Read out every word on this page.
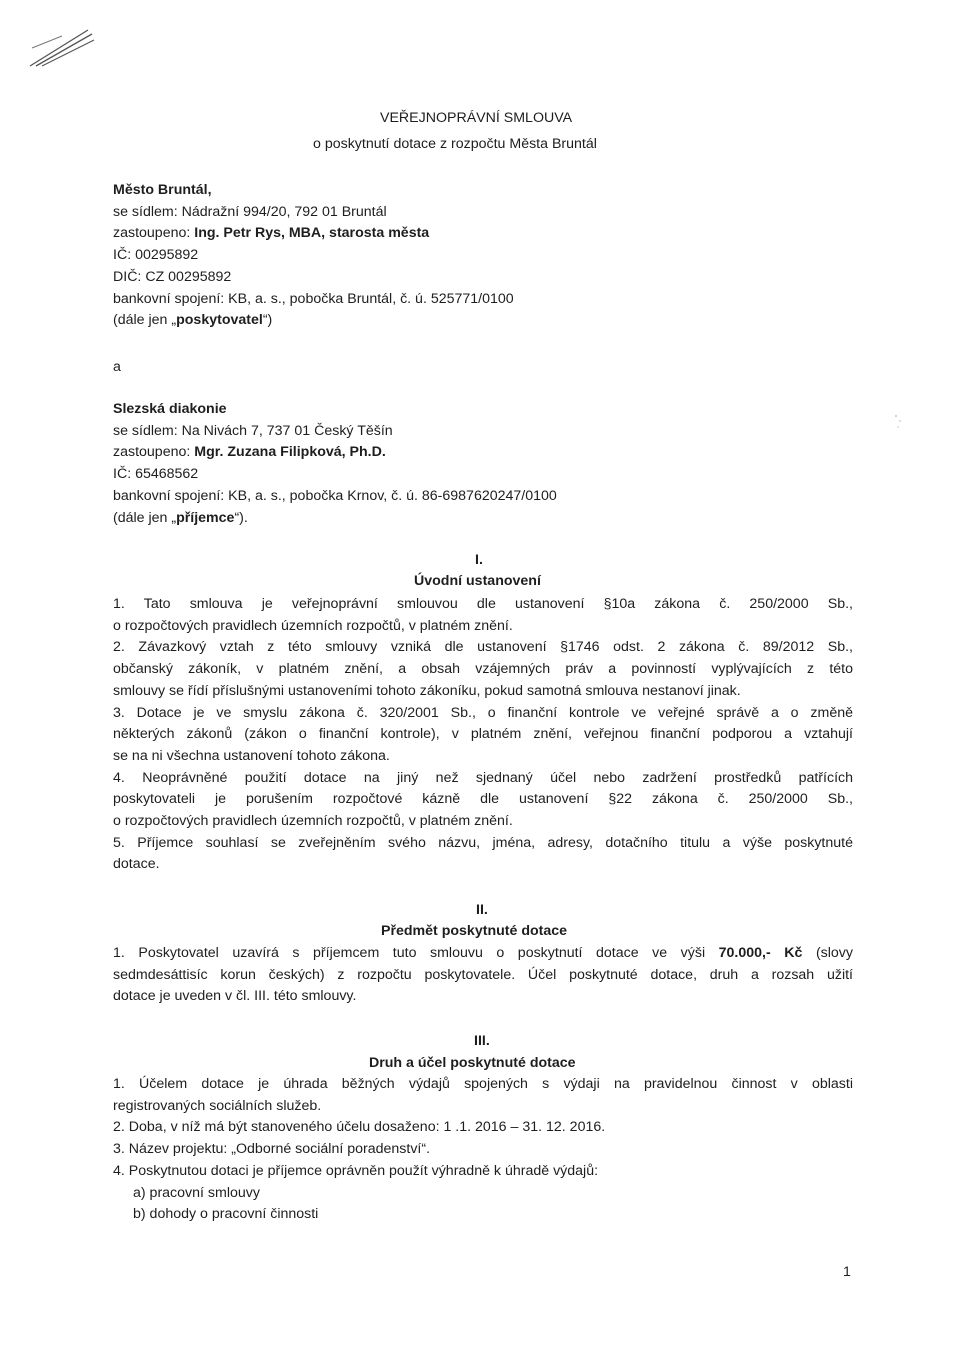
VEŘEJNOPRÁVNÍ SMLOUVA
o poskytnutí dotace z rozpočtu Města Bruntál
Město Bruntál,
se sídlem: Nádražní 994/20, 792 01 Bruntál
zastoupeno: Ing. Petr Rys, MBA, starosta města
IČ: 00295892
DIČ: CZ 00295892
bankovní spojení: KB, a. s., pobočka Bruntál, č. ú. 525771/0100
(dále jen „poskytovatel“)
a
Slezská diakonie
se sídlem: Na Nivách 7, 737 01 Český Těšín
zastoupeno: Mgr. Zuzana Filipková, Ph.D.
IČ: 65468562
bankovní spojení: KB, a. s., pobočka Krnov, č. ú. 86-6987620247/0100
(dále jen „příjemce“).
I.
Úvodní ustanovení
1. Tato smlouva je veřejnoprávní smlouvou dle ustanovení §10a zákona č. 250/2000 Sb.,
o rozpočtových pravidlech územních rozpočtů, v platném znění.
2. Závazkový vztah z této smlouvy vzniká dle ustanovení §1746 odst. 2 zákona č. 89/2012 Sb.,
občanský zákoník, v platném znění, a obsah vzájemných práv a povinností vyplývajících z této
smlouvy se řídí příslušnými ustanoveními tohoto zákoníku, pokud samotná smlouva nestanoví jinak.
3. Dotace je ve smyslu zákona č. 320/2001 Sb., o finanční kontrole ve veřejné správě a o změně
některých zákonů (zákon o finanční kontrole), v platném znění, veřejnou finanční podporou a vztahují
se na ni všechna ustanovení tohoto zákona.
4. Neoprávněné použití dotace na jiný než sjednaný účel nebo zadržení prostředků patřících
poskytovateli je porušením rozpočtové kázně dle ustanovení §22 zákona č. 250/2000 Sb.,
o rozpočtových pravidlech územních rozpočtů, v platném znění.
5. Příjemce souhlasí se zveřejněním svého názvu, jména, adresy, dotačního titulu a výše poskytnuté
dotace.
II.
Předmět poskytnuté dotace
1. Poskytovatel uzavírá s příjemcem tuto smlouvu o poskytnutí dotace ve výši 70.000,- Kč (slovy
sedmdesáttisíc korun českých) z rozpočtu poskytovatele. Účel poskytnuté dotace, druh a rozsah užití
dotace je uveden v čl. III. této smlouvy.
III.
Druh a účel poskytnuté dotace
1. Účelem dotace je úhrada běžných výdajů spojených s výdaji na pravidelnou činnost v oblasti
registrovaných sociálních služeb.
2. Doba, v níž má být stanoveného účelu dosaženo: 1 .1. 2016 – 31. 12. 2016.
3. Název projektu: „Odborné sociální poradenství“.
4. Poskytnutou dotaci je příjemce oprávněn použít výhradně k úhradě výdajů:
a) pracovní smlouvy
b) dohody o pracovní činnosti
1
